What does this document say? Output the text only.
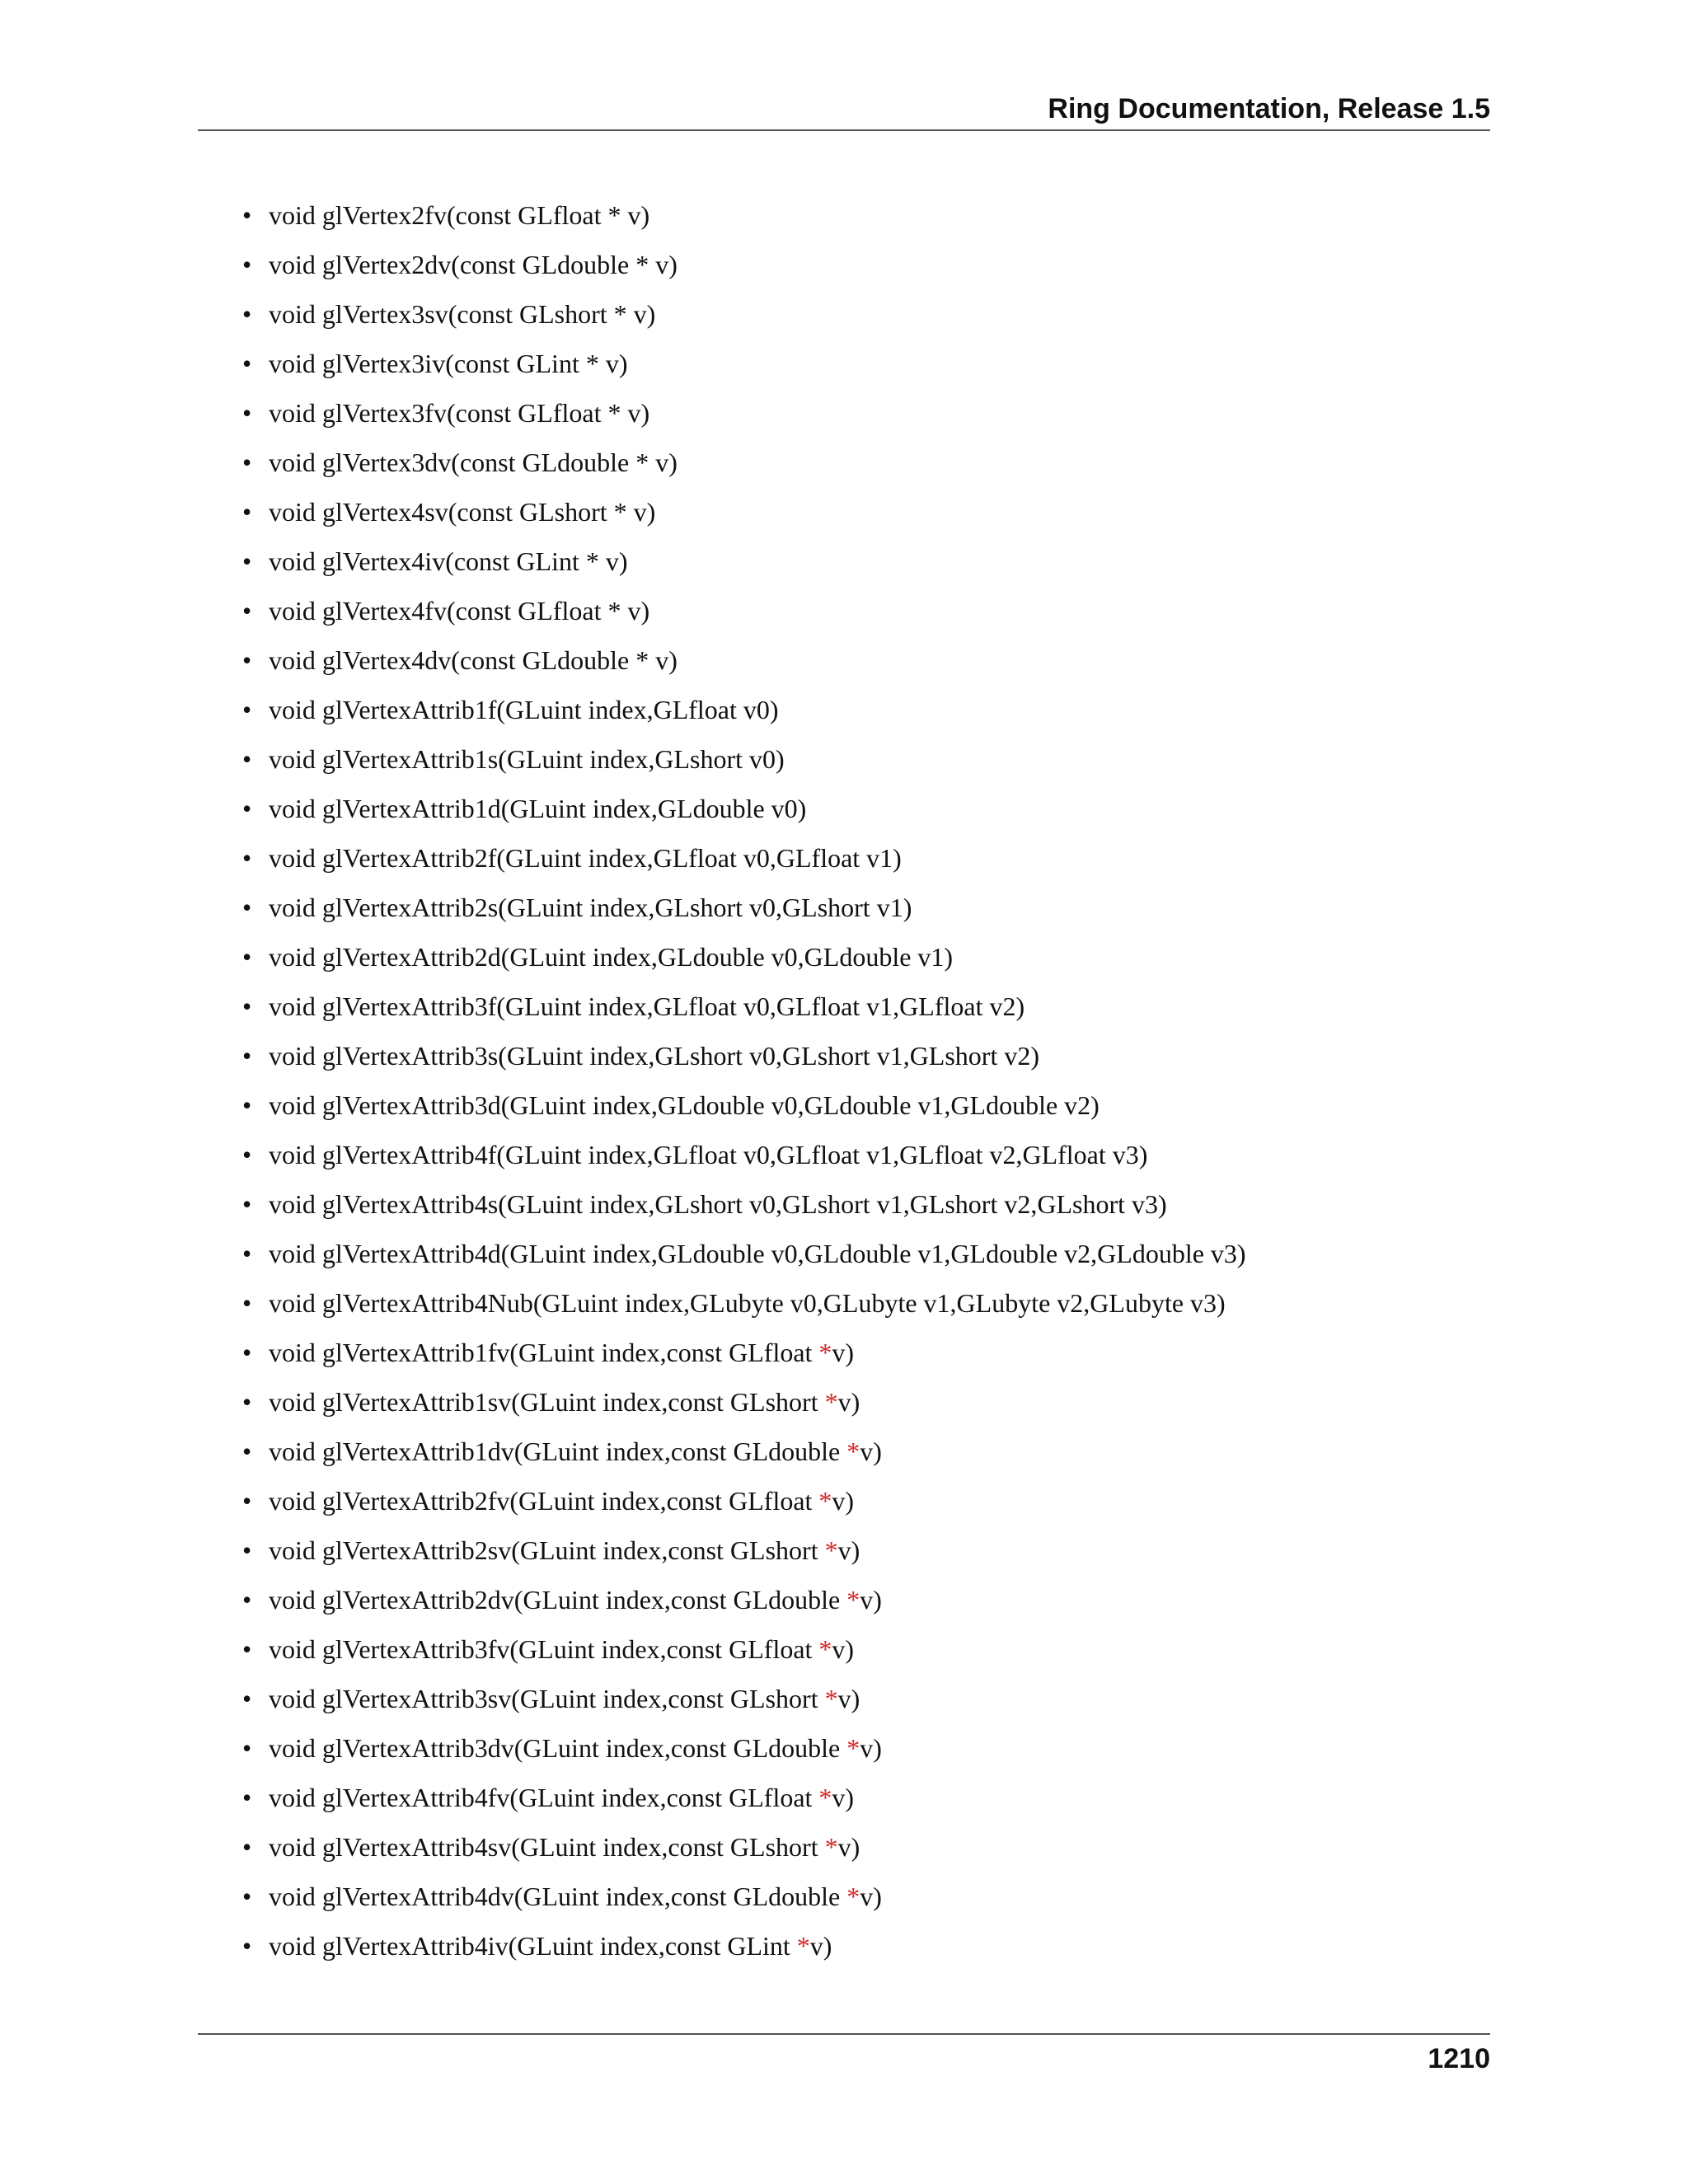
Ring Documentation, Release 1.5
• void glVertex2fv(const GLfloat * v)
• void glVertex2dv(const GLdouble * v)
• void glVertex3sv(const GLshort * v)
• void glVertex3iv(const GLint * v)
• void glVertex3fv(const GLfloat * v)
• void glVertex3dv(const GLdouble * v)
• void glVertex4sv(const GLshort * v)
• void glVertex4iv(const GLint * v)
• void glVertex4fv(const GLfloat * v)
• void glVertex4dv(const GLdouble * v)
• void glVertexAttrib1f(GLuint index,GLfloat v0)
• void glVertexAttrib1s(GLuint index,GLshort v0)
• void glVertexAttrib1d(GLuint index,GLdouble v0)
• void glVertexAttrib2f(GLuint index,GLfloat v0,GLfloat v1)
• void glVertexAttrib2s(GLuint index,GLshort v0,GLshort v1)
• void glVertexAttrib2d(GLuint index,GLdouble v0,GLdouble v1)
• void glVertexAttrib3f(GLuint index,GLfloat v0,GLfloat v1,GLfloat v2)
• void glVertexAttrib3s(GLuint index,GLshort v0,GLshort v1,GLshort v2)
• void glVertexAttrib3d(GLuint index,GLdouble v0,GLdouble v1,GLdouble v2)
• void glVertexAttrib4f(GLuint index,GLfloat v0,GLfloat v1,GLfloat v2,GLfloat v3)
• void glVertexAttrib4s(GLuint index,GLshort v0,GLshort v1,GLshort v2,GLshort v3)
• void glVertexAttrib4d(GLuint index,GLdouble v0,GLdouble v1,GLdouble v2,GLdouble v3)
• void glVertexAttrib4Nub(GLuint index,GLubyte v0,GLubyte v1,GLubyte v2,GLubyte v3)
• void glVertexAttrib1fv(GLuint index,const GLfloat *v)
• void glVertexAttrib1sv(GLuint index,const GLshort *v)
• void glVertexAttrib1dv(GLuint index,const GLdouble *v)
• void glVertexAttrib2fv(GLuint index,const GLfloat *v)
• void glVertexAttrib2sv(GLuint index,const GLshort *v)
• void glVertexAttrib2dv(GLuint index,const GLdouble *v)
• void glVertexAttrib3fv(GLuint index,const GLfloat *v)
• void glVertexAttrib3sv(GLuint index,const GLshort *v)
• void glVertexAttrib3dv(GLuint index,const GLdouble *v)
• void glVertexAttrib4fv(GLuint index,const GLfloat *v)
• void glVertexAttrib4sv(GLuint index,const GLshort *v)
• void glVertexAttrib4dv(GLuint index,const GLdouble *v)
• void glVertexAttrib4iv(GLuint index,const GLint *v)
1210
